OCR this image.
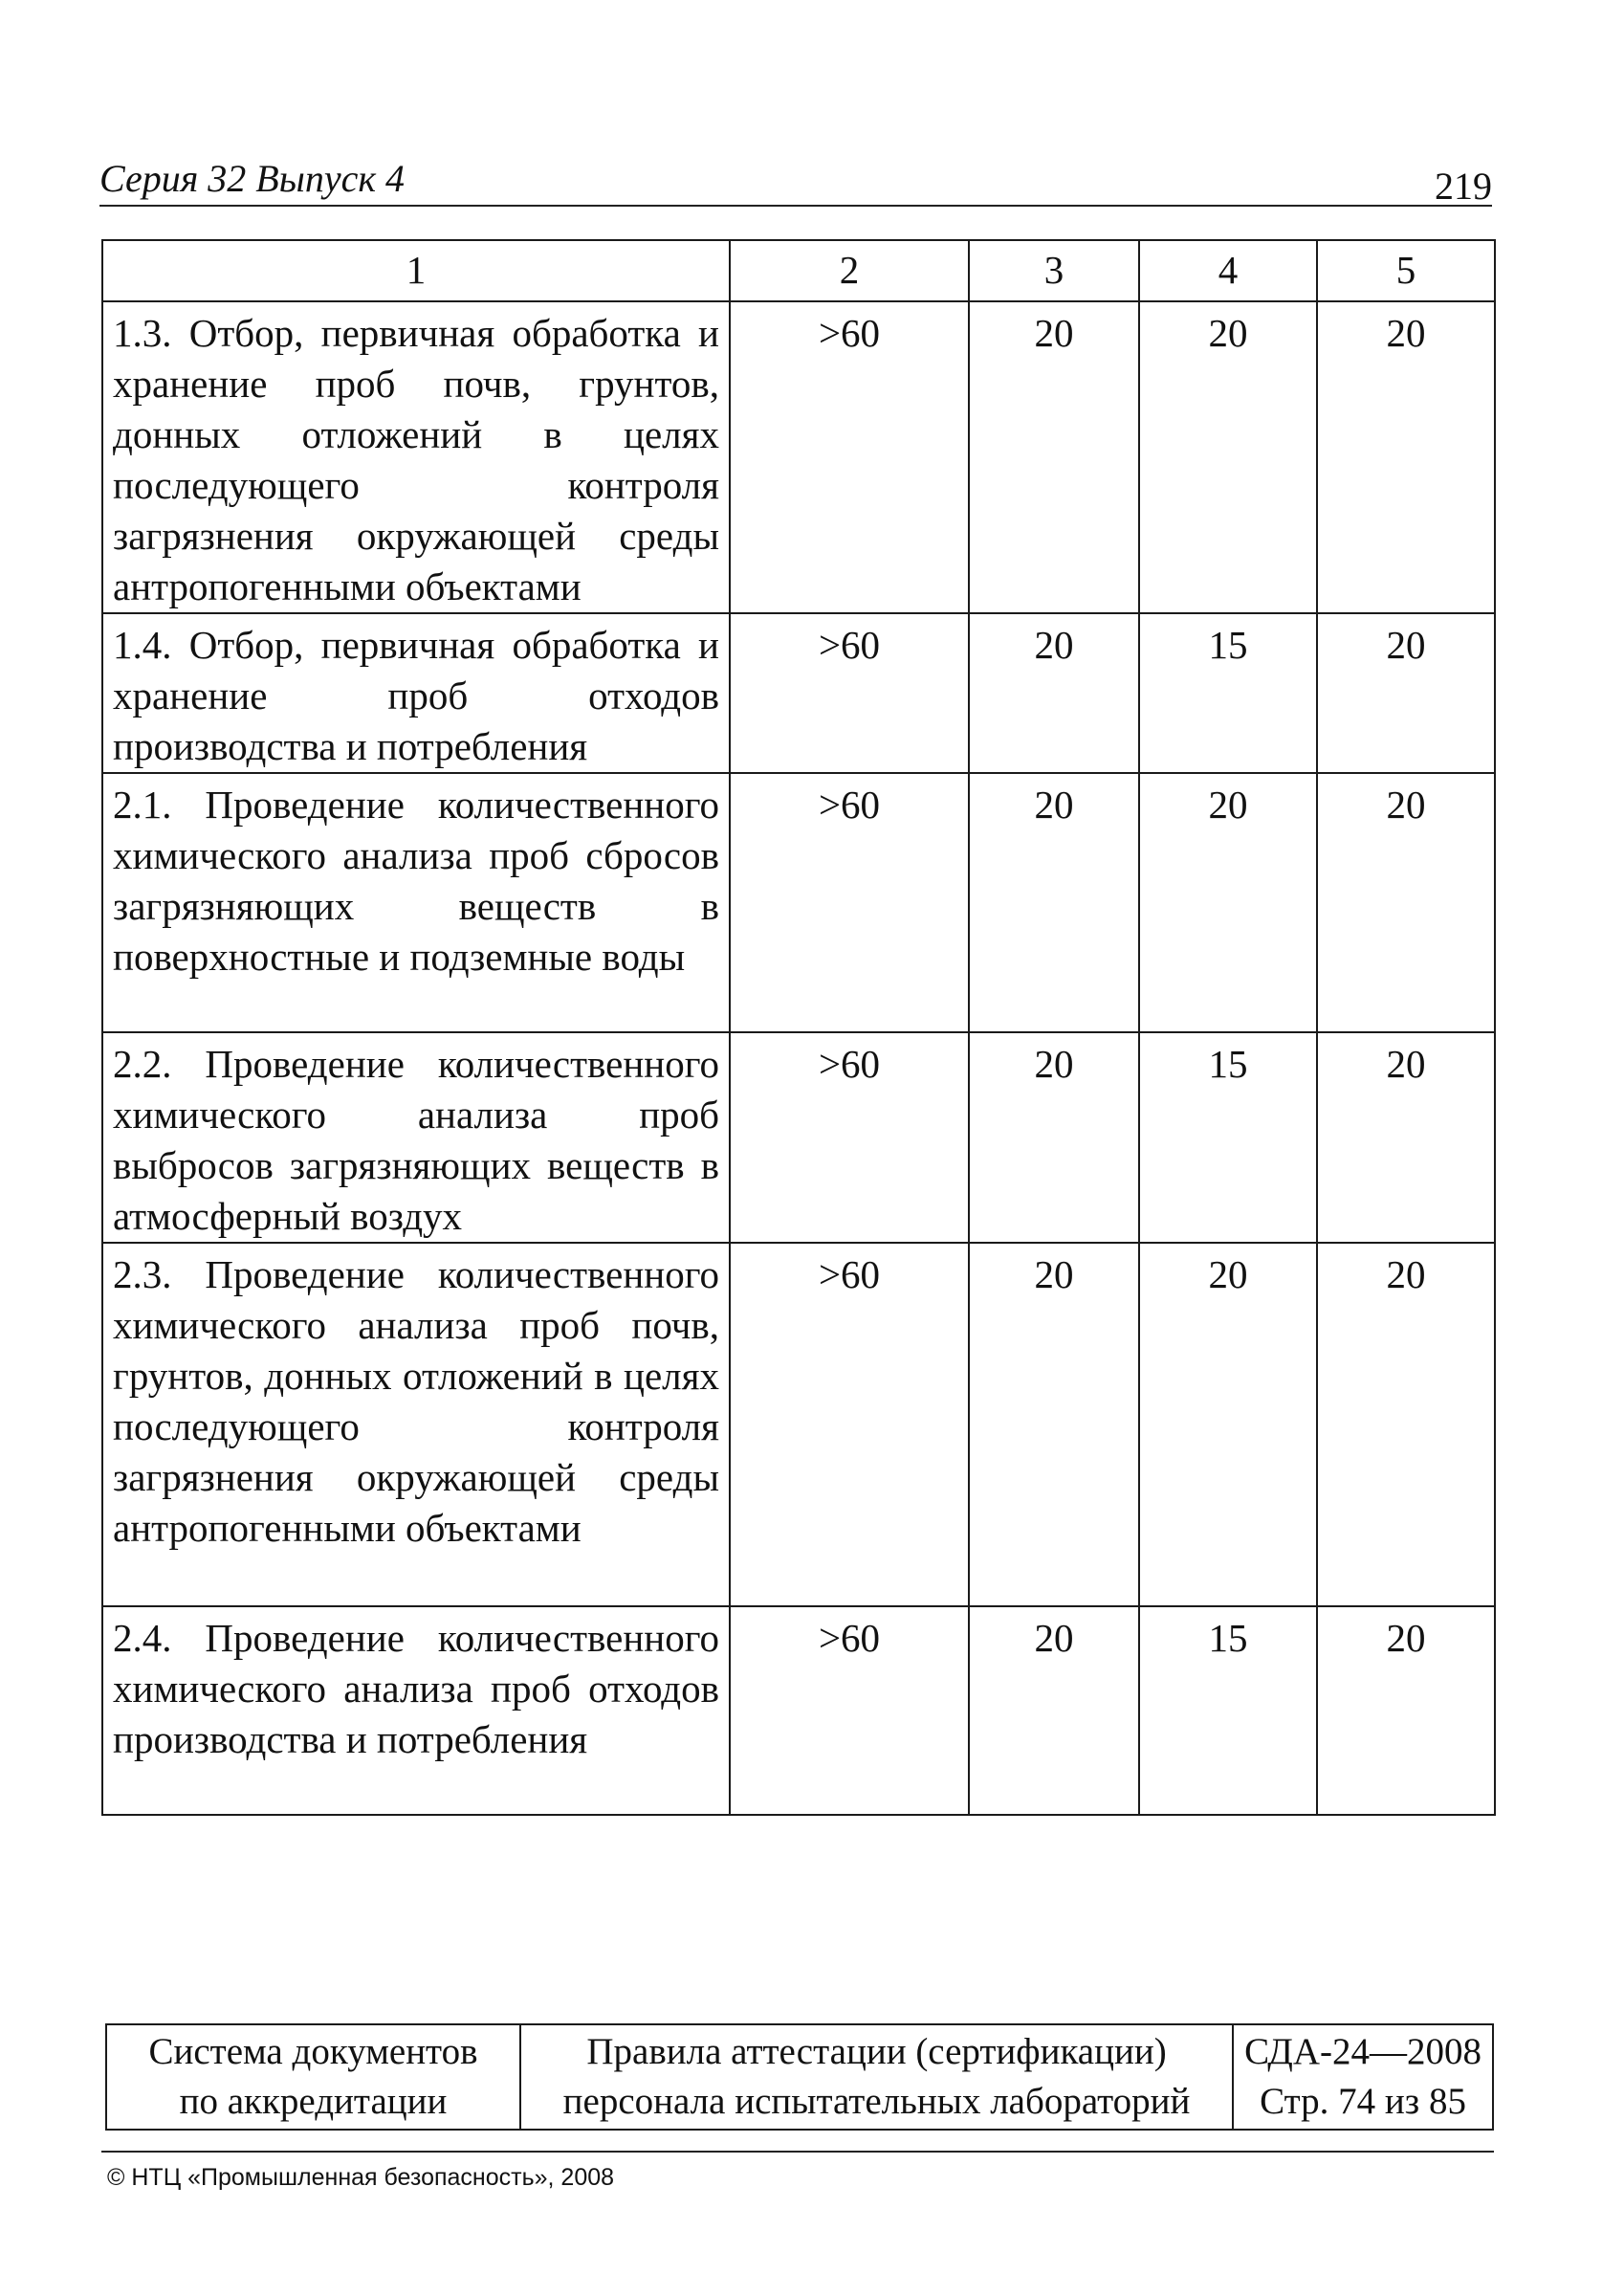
Серия 32 Выпуск 4	219
1	2	3	4	5
1.3. Отбор, первичная обработка и хранение проб почв, грунтов, донных отложений в целях последующего контроля загрязнения окружающей среды антропогенными объектами	>60	20	20	20
1.4. Отбор, первичная обработка и хранение проб отходов производства и потребления	>60	20	15	20
2.1. Проведение количественного химического анализа проб сбросов загрязняющих веществ в поверхностные и подземные воды	>60	20	20	20
2.2. Проведение количественного химического анализа проб выбросов загрязняющих веществ в атмосферный воздух	>60	20	15	20
2.3. Проведение количественного химического анализа проб почв, грунтов, донных отложений в целях последующего контроля загрязнения окружающей среды антропогенными объектами	>60	20	20	20
2.4. Проведение количественного химического анализа проб отходов производства и потребления	>60	20	15	20
Система документов
по аккредитации

Правила аттестации (сертификации)
персонала испытательных лабораторий

СДА-24—2008
Стр. 74 из 85
© НТЦ «Промышленная безопасность», 2008
